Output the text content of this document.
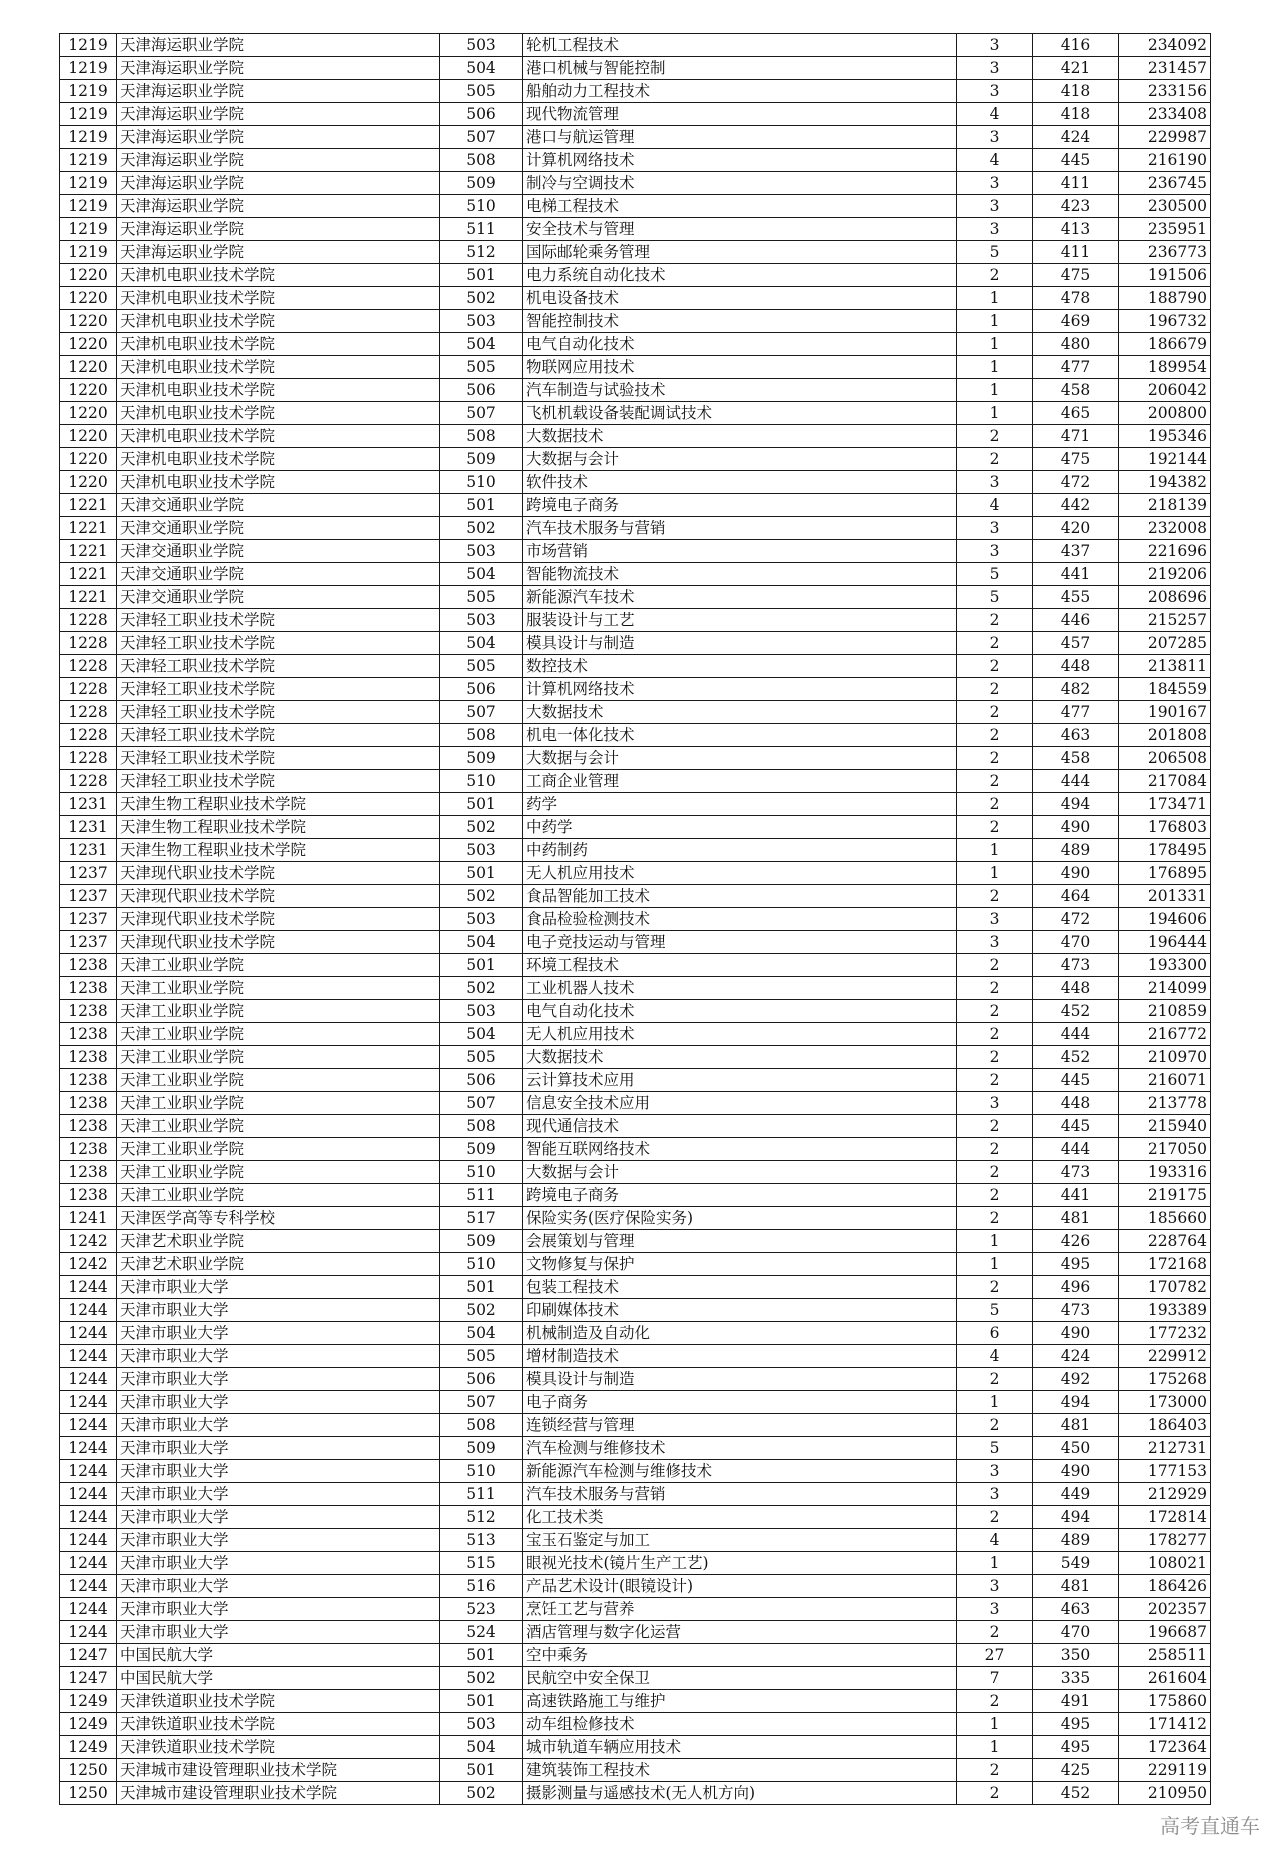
1219	天津海运职业学院	503	轮机工程技术	3	416	234092
1219	天津海运职业学院	504	港口机械与智能控制	3	421	231457
1219	天津海运职业学院	505	船舶动力工程技术	3	418	233156
1219	天津海运职业学院	506	现代物流管理	4	418	233408
1219	天津海运职业学院	507	港口与航运管理	3	424	229987
1219	天津海运职业学院	508	计算机网络技术	4	445	216190
1219	天津海运职业学院	509	制冷与空调技术	3	411	236745
1219	天津海运职业学院	510	电梯工程技术	3	423	230500
1219	天津海运职业学院	511	安全技术与管理	3	413	235951
1219	天津海运职业学院	512	国际邮轮乘务管理	5	411	236773
1220	天津机电职业技术学院	501	电力系统自动化技术	2	475	191506
1220	天津机电职业技术学院	502	机电设备技术	1	478	188790
1220	天津机电职业技术学院	503	智能控制技术	1	469	196732
1220	天津机电职业技术学院	504	电气自动化技术	1	480	186679
1220	天津机电职业技术学院	505	物联网应用技术	1	477	189954
1220	天津机电职业技术学院	506	汽车制造与试验技术	1	458	206042
1220	天津机电职业技术学院	507	飞机机载设备装配调试技术	1	465	200800
1220	天津机电职业技术学院	508	大数据技术	2	471	195346
1220	天津机电职业技术学院	509	大数据与会计	2	475	192144
1220	天津机电职业技术学院	510	软件技术	3	472	194382
1221	天津交通职业学院	501	跨境电子商务	4	442	218139
1221	天津交通职业学院	502	汽车技术服务与营销	3	420	232008
1221	天津交通职业学院	503	市场营销	3	437	221696
1221	天津交通职业学院	504	智能物流技术	5	441	219206
1221	天津交通职业学院	505	新能源汽车技术	5	455	208696
1228	天津轻工职业技术学院	503	服装设计与工艺	2	446	215257
1228	天津轻工职业技术学院	504	模具设计与制造	2	457	207285
1228	天津轻工职业技术学院	505	数控技术	2	448	213811
1228	天津轻工职业技术学院	506	计算机网络技术	2	482	184559
1228	天津轻工职业技术学院	507	大数据技术	2	477	190167
1228	天津轻工职业技术学院	508	机电一体化技术	2	463	201808
1228	天津轻工职业技术学院	509	大数据与会计	2	458	206508
1228	天津轻工职业技术学院	510	工商企业管理	2	444	217084
1231	天津生物工程职业技术学院	501	药学	2	494	173471
1231	天津生物工程职业技术学院	502	中药学	2	490	176803
1231	天津生物工程职业技术学院	503	中药制药	1	489	178495
1237	天津现代职业技术学院	501	无人机应用技术	1	490	176895
1237	天津现代职业技术学院	502	食品智能加工技术	2	464	201331
1237	天津现代职业技术学院	503	食品检验检测技术	3	472	194606
1237	天津现代职业技术学院	504	电子竞技运动与管理	3	470	196444
1238	天津工业职业学院	501	环境工程技术	2	473	193300
1238	天津工业职业学院	502	工业机器人技术	2	448	214099
1238	天津工业职业学院	503	电气自动化技术	2	452	210859
1238	天津工业职业学院	504	无人机应用技术	2	444	216772
1238	天津工业职业学院	505	大数据技术	2	452	210970
1238	天津工业职业学院	506	云计算技术应用	2	445	216071
1238	天津工业职业学院	507	信息安全技术应用	3	448	213778
1238	天津工业职业学院	508	现代通信技术	2	445	215940
1238	天津工业职业学院	509	智能互联网络技术	2	444	217050
1238	天津工业职业学院	510	大数据与会计	2	473	193316
1238	天津工业职业学院	511	跨境电子商务	2	441	219175
1241	天津医学高等专科学校	517	保险实务(医疗保险实务)	2	481	185660
1242	天津艺术职业学院	509	会展策划与管理	1	426	228764
1242	天津艺术职业学院	510	文物修复与保护	1	495	172168
1244	天津市职业大学	501	包装工程技术	2	496	170782
1244	天津市职业大学	502	印刷媒体技术	5	473	193389
1244	天津市职业大学	504	机械制造及自动化	6	490	177232
1244	天津市职业大学	505	增材制造技术	4	424	229912
1244	天津市职业大学	506	模具设计与制造	2	492	175268
1244	天津市职业大学	507	电子商务	1	494	173000
1244	天津市职业大学	508	连锁经营与管理	2	481	186403
1244	天津市职业大学	509	汽车检测与维修技术	5	450	212731
1244	天津市职业大学	510	新能源汽车检测与维修技术	3	490	177153
1244	天津市职业大学	511	汽车技术服务与营销	3	449	212929
1244	天津市职业大学	512	化工技术类	2	494	172814
1244	天津市职业大学	513	宝玉石鉴定与加工	4	489	178277
1244	天津市职业大学	515	眼视光技术(镜片生产工艺)	1	549	108021
1244	天津市职业大学	516	产品艺术设计(眼镜设计)	3	481	186426
1244	天津市职业大学	523	烹饪工艺与营养	3	463	202357
1244	天津市职业大学	524	酒店管理与数字化运营	2	470	196687
1247	中国民航大学	501	空中乘务	27	350	258511
1247	中国民航大学	502	民航空中安全保卫	7	335	261604
1249	天津铁道职业技术学院	501	高速铁路施工与维护	2	491	175860
1249	天津铁道职业技术学院	503	动车组检修技术	1	495	171412
1249	天津铁道职业技术学院	504	城市轨道车辆应用技术	1	495	172364
1250	天津城市建设管理职业技术学院	501	建筑装饰工程技术	2	425	229119
1250	天津城市建设管理职业技术学院	502	摄影测量与遥感技术(无人机方向)	2	452	210950
高考直通车
